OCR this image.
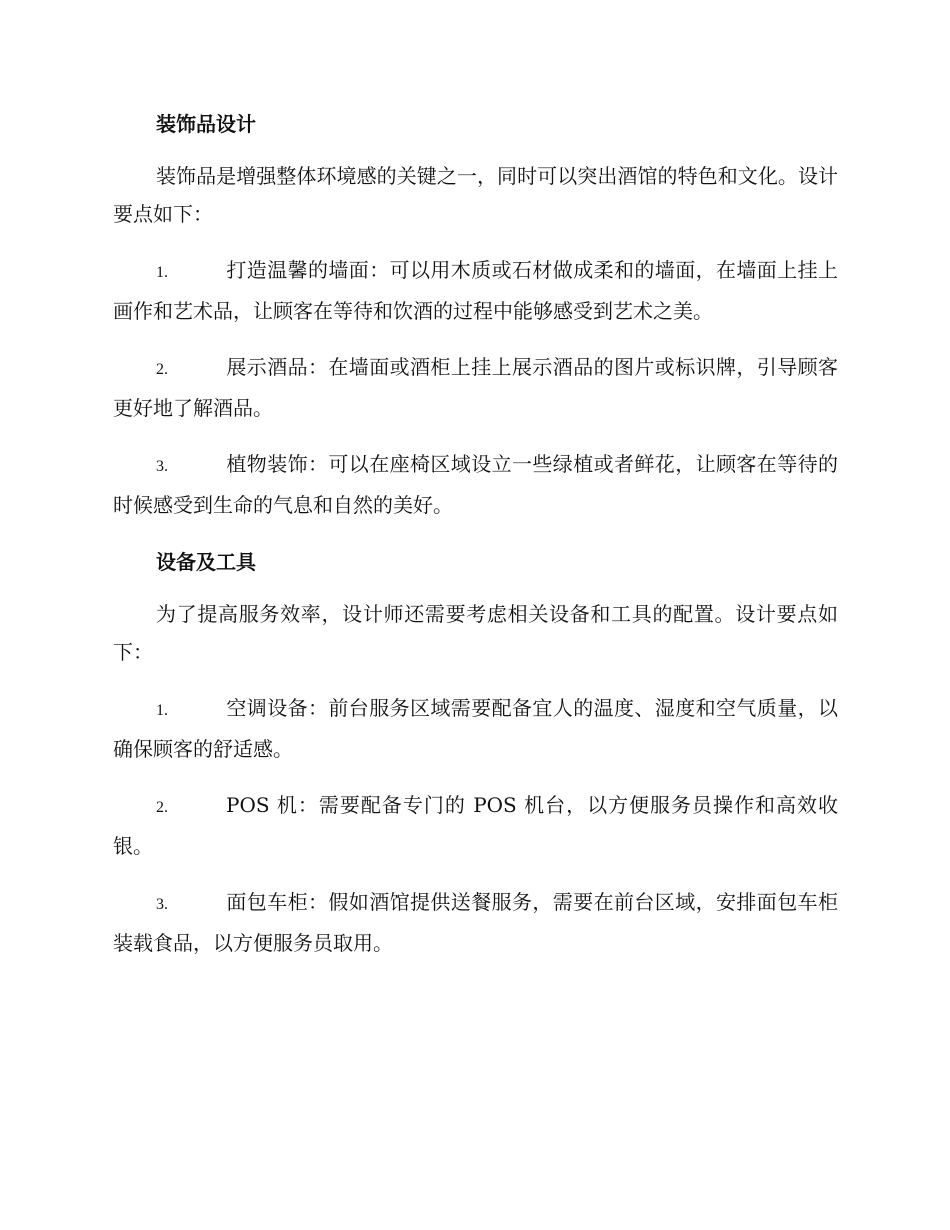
装饰品设计

装饰品是增强整体环境感的关键之一，同时可以突出酒馆的特色和文化。设计要点如下：

1.	打造温馨的墙面：可以用木质或石材做成柔和的墙面，在墙面上挂上画作和艺术品，让顾客在等待和饮酒的过程中能够感受到艺术之美。

2.	展示酒品：在墙面或酒柜上挂上展示酒品的图片或标识牌，引导顾客更好地了解酒品。

3.	植物装饰：可以在座椅区域设立一些绿植或者鲜花，让顾客在等待的时候感受到生命的气息和自然的美好。

设备及工具

为了提高服务效率，设计师还需要考虑相关设备和工具的配置。设计要点如下：

1.	空调设备：前台服务区域需要配备宜人的温度、湿度和空气质量，以确保顾客的舒适感。

2.	POS 机：需要配备专门的 POS 机台，以方便服务员操作和高效收银。

3.	面包车柜：假如酒馆提供送餐服务，需要在前台区域，安排面包车柜装载食品，以方便服务员取用。
